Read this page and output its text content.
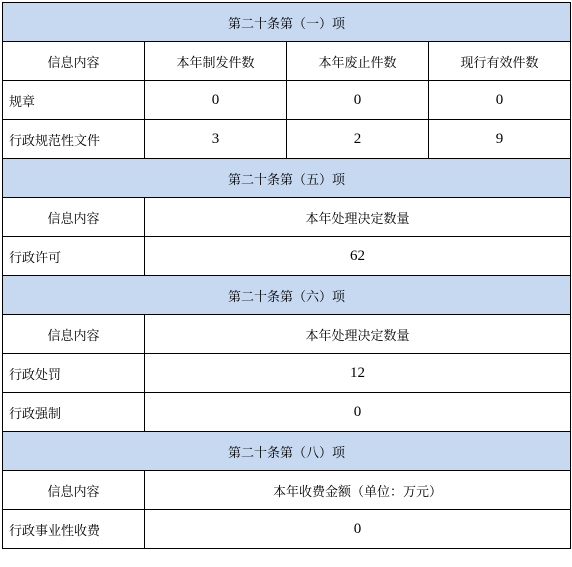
第二十条第（一）项			
信息内容	本年制发件数	本年废止件数	现行有效件数
规章	0	0	0
行政规范性文件	3	2	9
第二十条第（五）项			
信息内容	本年处理决定数量		
行政许可	62		
第二十条第（六）项			
信息内容	本年处理决定数量		
行政处罚	12		
行政强制	0		
第二十条第（八）项			
信息内容	本年收费金额（单位：万元）		
行政事业性收费	0		
